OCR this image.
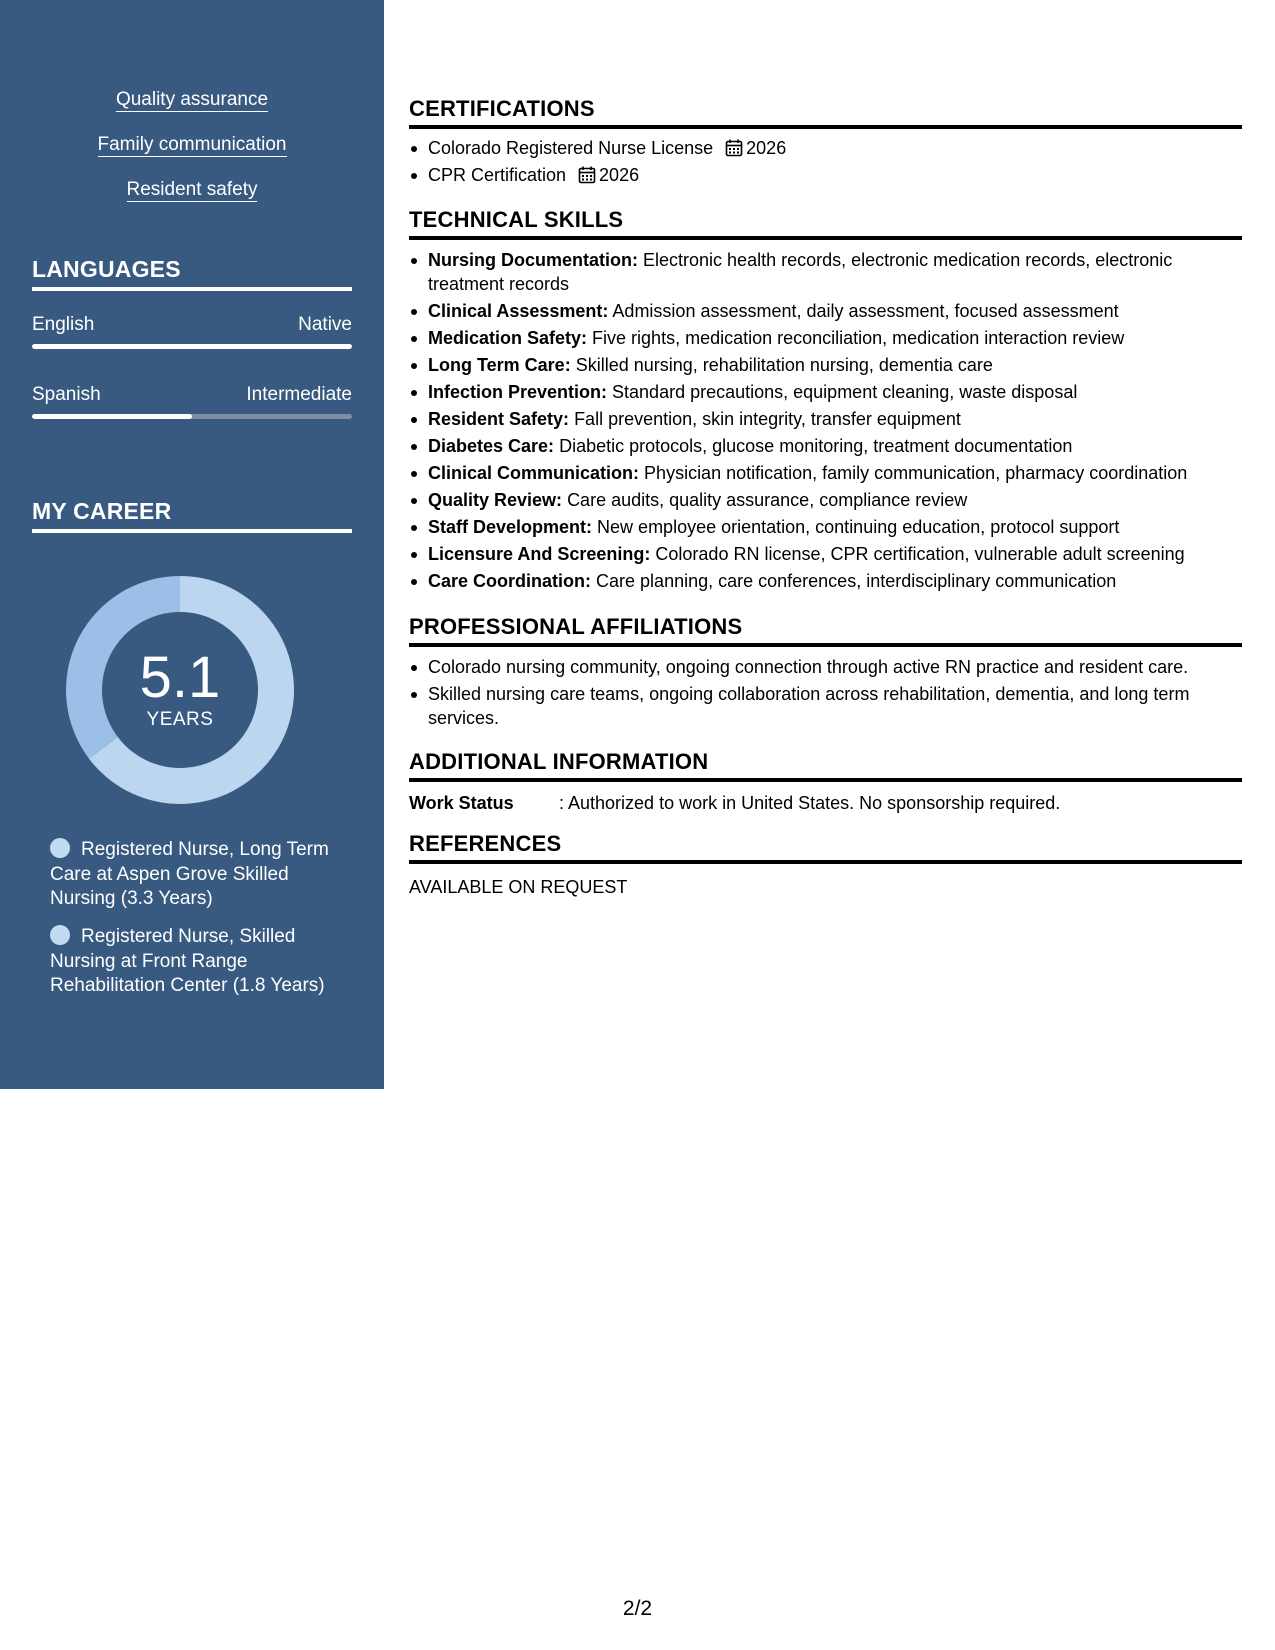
Quality assurance
Family communication
Resident safety
LANGUAGES
English	Native
Spanish	Intermediate
MY CAREER
5.1
YEARS
Registered Nurse, Long Term Care at Aspen Grove Skilled Nursing (3.3 Years)
Registered Nurse, Skilled Nursing at Front Range Rehabilitation Center (1.8 Years)
CERTIFICATIONS
Colorado Registered Nurse License 2026
CPR Certification 2026
TECHNICAL SKILLS
Nursing Documentation: Electronic health records, electronic medication records, electronic treatment records
Clinical Assessment: Admission assessment, daily assessment, focused assessment
Medication Safety: Five rights, medication reconciliation, medication interaction review
Long Term Care: Skilled nursing, rehabilitation nursing, dementia care
Infection Prevention: Standard precautions, equipment cleaning, waste disposal
Resident Safety: Fall prevention, skin integrity, transfer equipment
Diabetes Care: Diabetic protocols, glucose monitoring, treatment documentation
Clinical Communication: Physician notification, family communication, pharmacy coordination
Quality Review: Care audits, quality assurance, compliance review
Staff Development: New employee orientation, continuing education, protocol support
Licensure And Screening: Colorado RN license, CPR certification, vulnerable adult screening
Care Coordination: Care planning, care conferences, interdisciplinary communication
PROFESSIONAL AFFILIATIONS
Colorado nursing community, ongoing connection through active RN practice and resident care.
Skilled nursing care teams, ongoing collaboration across rehabilitation, dementia, and long term services.
ADDITIONAL INFORMATION
Work Status	: Authorized to work in United States. No sponsorship required.
REFERENCES
AVAILABLE ON REQUEST
2/2
